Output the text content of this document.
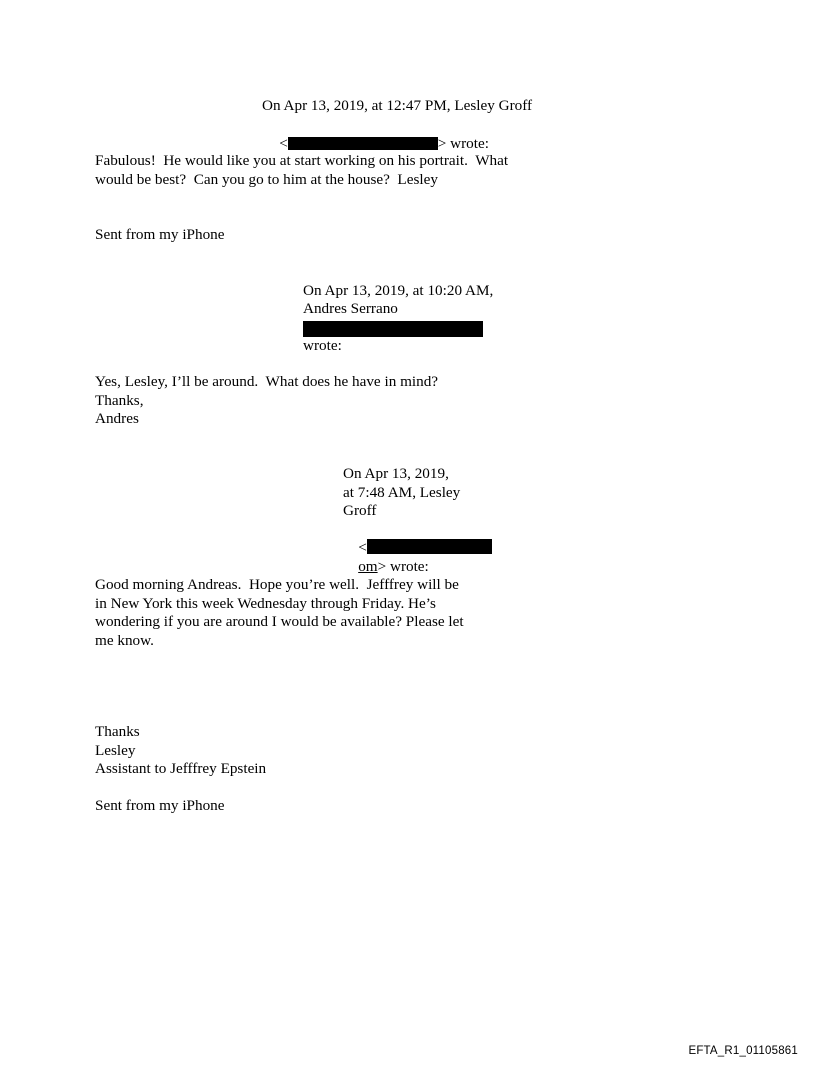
On Apr 13, 2019, at 12:47 PM, Lesley Groff

<	> wrote:

Fabulous!  He would like you at start working on his portrait.  What would be best?  Can you go to him at the house?  Lesley
Sent from my iPhone
On Apr 13, 2019, at 10:20 AM,
Andres Serrano
wrote:
Yes, Lesley, I’ll be around.  What does he have in mind?
Thanks,
Andres
On Apr 13, 2019,
at 7:48 AM, Lesley
Groff

<

om> wrote:

Good morning Andreas.  Hope you’re well.  Jefffrey will be in New York this week Wednesday through Friday. He’s wondering if you are around I would be available? Please let me know.
Thanks
Lesley
Assistant to Jefffrey Epstein
Sent from my iPhone
EFTA_R1_01105861
